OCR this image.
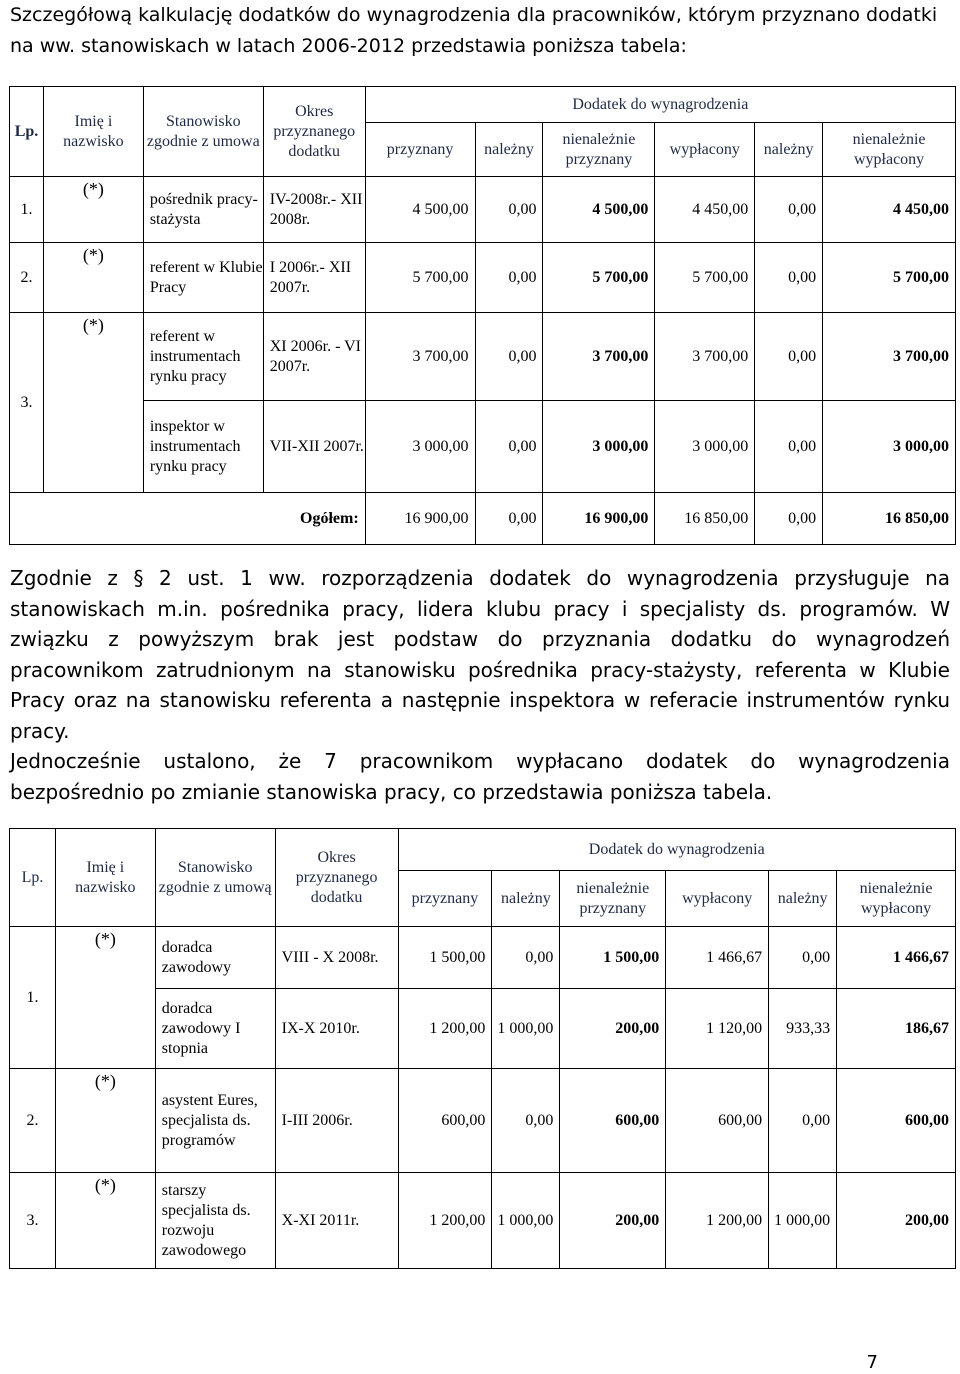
Szczegółową kalkulację dodatków do wynagrodzenia dla pracowników, którym przyznano dodatki na ww. stanowiskach w latach 2006-2012 przedstawia poniższa tabela:

Lp.	Imię i nazwisko	Stanowisko zgodnie z umowa	Okres przyznanego dodatku	Dodatek do wynagrodzenia					
				przyznany	należny	nienależnie przyznany	wypłacony	należny	nienależnie wypłacony
1.	(*)	pośrednik pracy-stażysta	IV-2008r.- XII 2008r.	4 500,00	0,00	4 500,00	4 450,00	0,00	4 450,00
2.	(*)	referent w Klubie Pracy	I 2006r.- XII 2007r.	5 700,00	0,00	5 700,00	5 700,00	0,00	5 700,00
3.	(*)	referent w instrumentach rynku pracy	XI 2006r. - VI 2007r.	3 700,00	0,00	3 700,00	3 700,00	0,00	3 700,00
		inspektor w instrumentach rynku pracy	VII-XII 2007r.	3 000,00	0,00	3 000,00	3 000,00	0,00	3 000,00
Ogółem:				16 900,00	0,00	16 900,00	16 850,00	0,00	16 850,00

Zgodnie z § 2 ust. 1 ww. rozporządzenia dodatek do wynagrodzenia przysługuje na stanowiskach m.in. pośrednika pracy, lidera klubu pracy i specjalisty ds. programów. W związku z powyższym brak jest podstaw do przyznania dodatku do wynagrodzeń pracownikom zatrudnionym na stanowisku pośrednika pracy-stażysty, referenta w Klubie Pracy oraz na stanowisku referenta a następnie inspektora w referacie instrumentów rynku pracy.

Jednocześnie ustalono, że 7 pracownikom wypłacano dodatek do wynagrodzenia bezpośrednio po zmianie stanowiska pracy, co przedstawia poniższa tabela.

Lp.	Imię i nazwisko	Stanowisko zgodnie z umową	Okres przyznanego dodatku	Dodatek do wynagrodzenia					
				przyznany	należny	nienależnie przyznany	wypłacony	należny	nienależnie wypłacony
1.	(*)	doradca zawodowy	VIII - X 2008r.	1 500,00	0,00	1 500,00	1 466,67	0,00	1 466,67
		doradca zawodowy I stopnia	IX-X 2010r.	1 200,00	1 000,00	200,00	1 120,00	933,33	186,67
2.	(*)	asystent Eures, specjalista ds. programów	I-III 2006r.	600,00	0,00	600,00	600,00	0,00	600,00
3.	(*)	starszy specjalista ds. rozwoju zawodowego	X-XI 2011r.	1 200,00	1 000,00	200,00	1 200,00	1 000,00	200,00
7
